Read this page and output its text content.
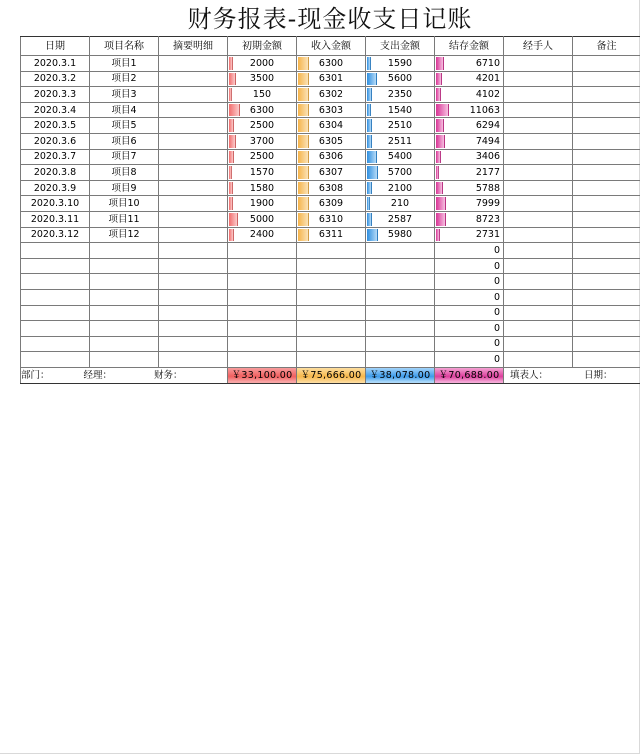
财务报表-现金收支日记账
日期	项目名称	摘要明细	初期金额	收入金额	支出金额	结存金额	经手人	备注
2020.3.1	项目1		2000	6300	1590	6710		
2020.3.2	项目2		3500	6301	5600	4201		
2020.3.3	项目3		150	6302	2350	4102		
2020.3.4	项目4		6300	6303	1540	11063		
2020.3.5	项目5		2500	6304	2510	6294		
2020.3.6	项目6		3700	6305	2511	7494		
2020.3.7	项目7		2500	6306	5400	3406		
2020.3.8	项目8		1570	6307	5700	2177		
2020.3.9	项目9		1580	6308	2100	5788		
2020.3.10	项目10		1900	6309	210	7999		
2020.3.11	项目11		5000	6310	2587	8723		
2020.3.12	项目12		2400	6311	5980	2731		
						0		
						0		
						0		
						0		
						0		
						0		
						0		
						0		
部门： 经理： 财务：			￥33,100.00	￥75,666.00	￥38,078.00	￥70,688.00	填表人： 日期：	
